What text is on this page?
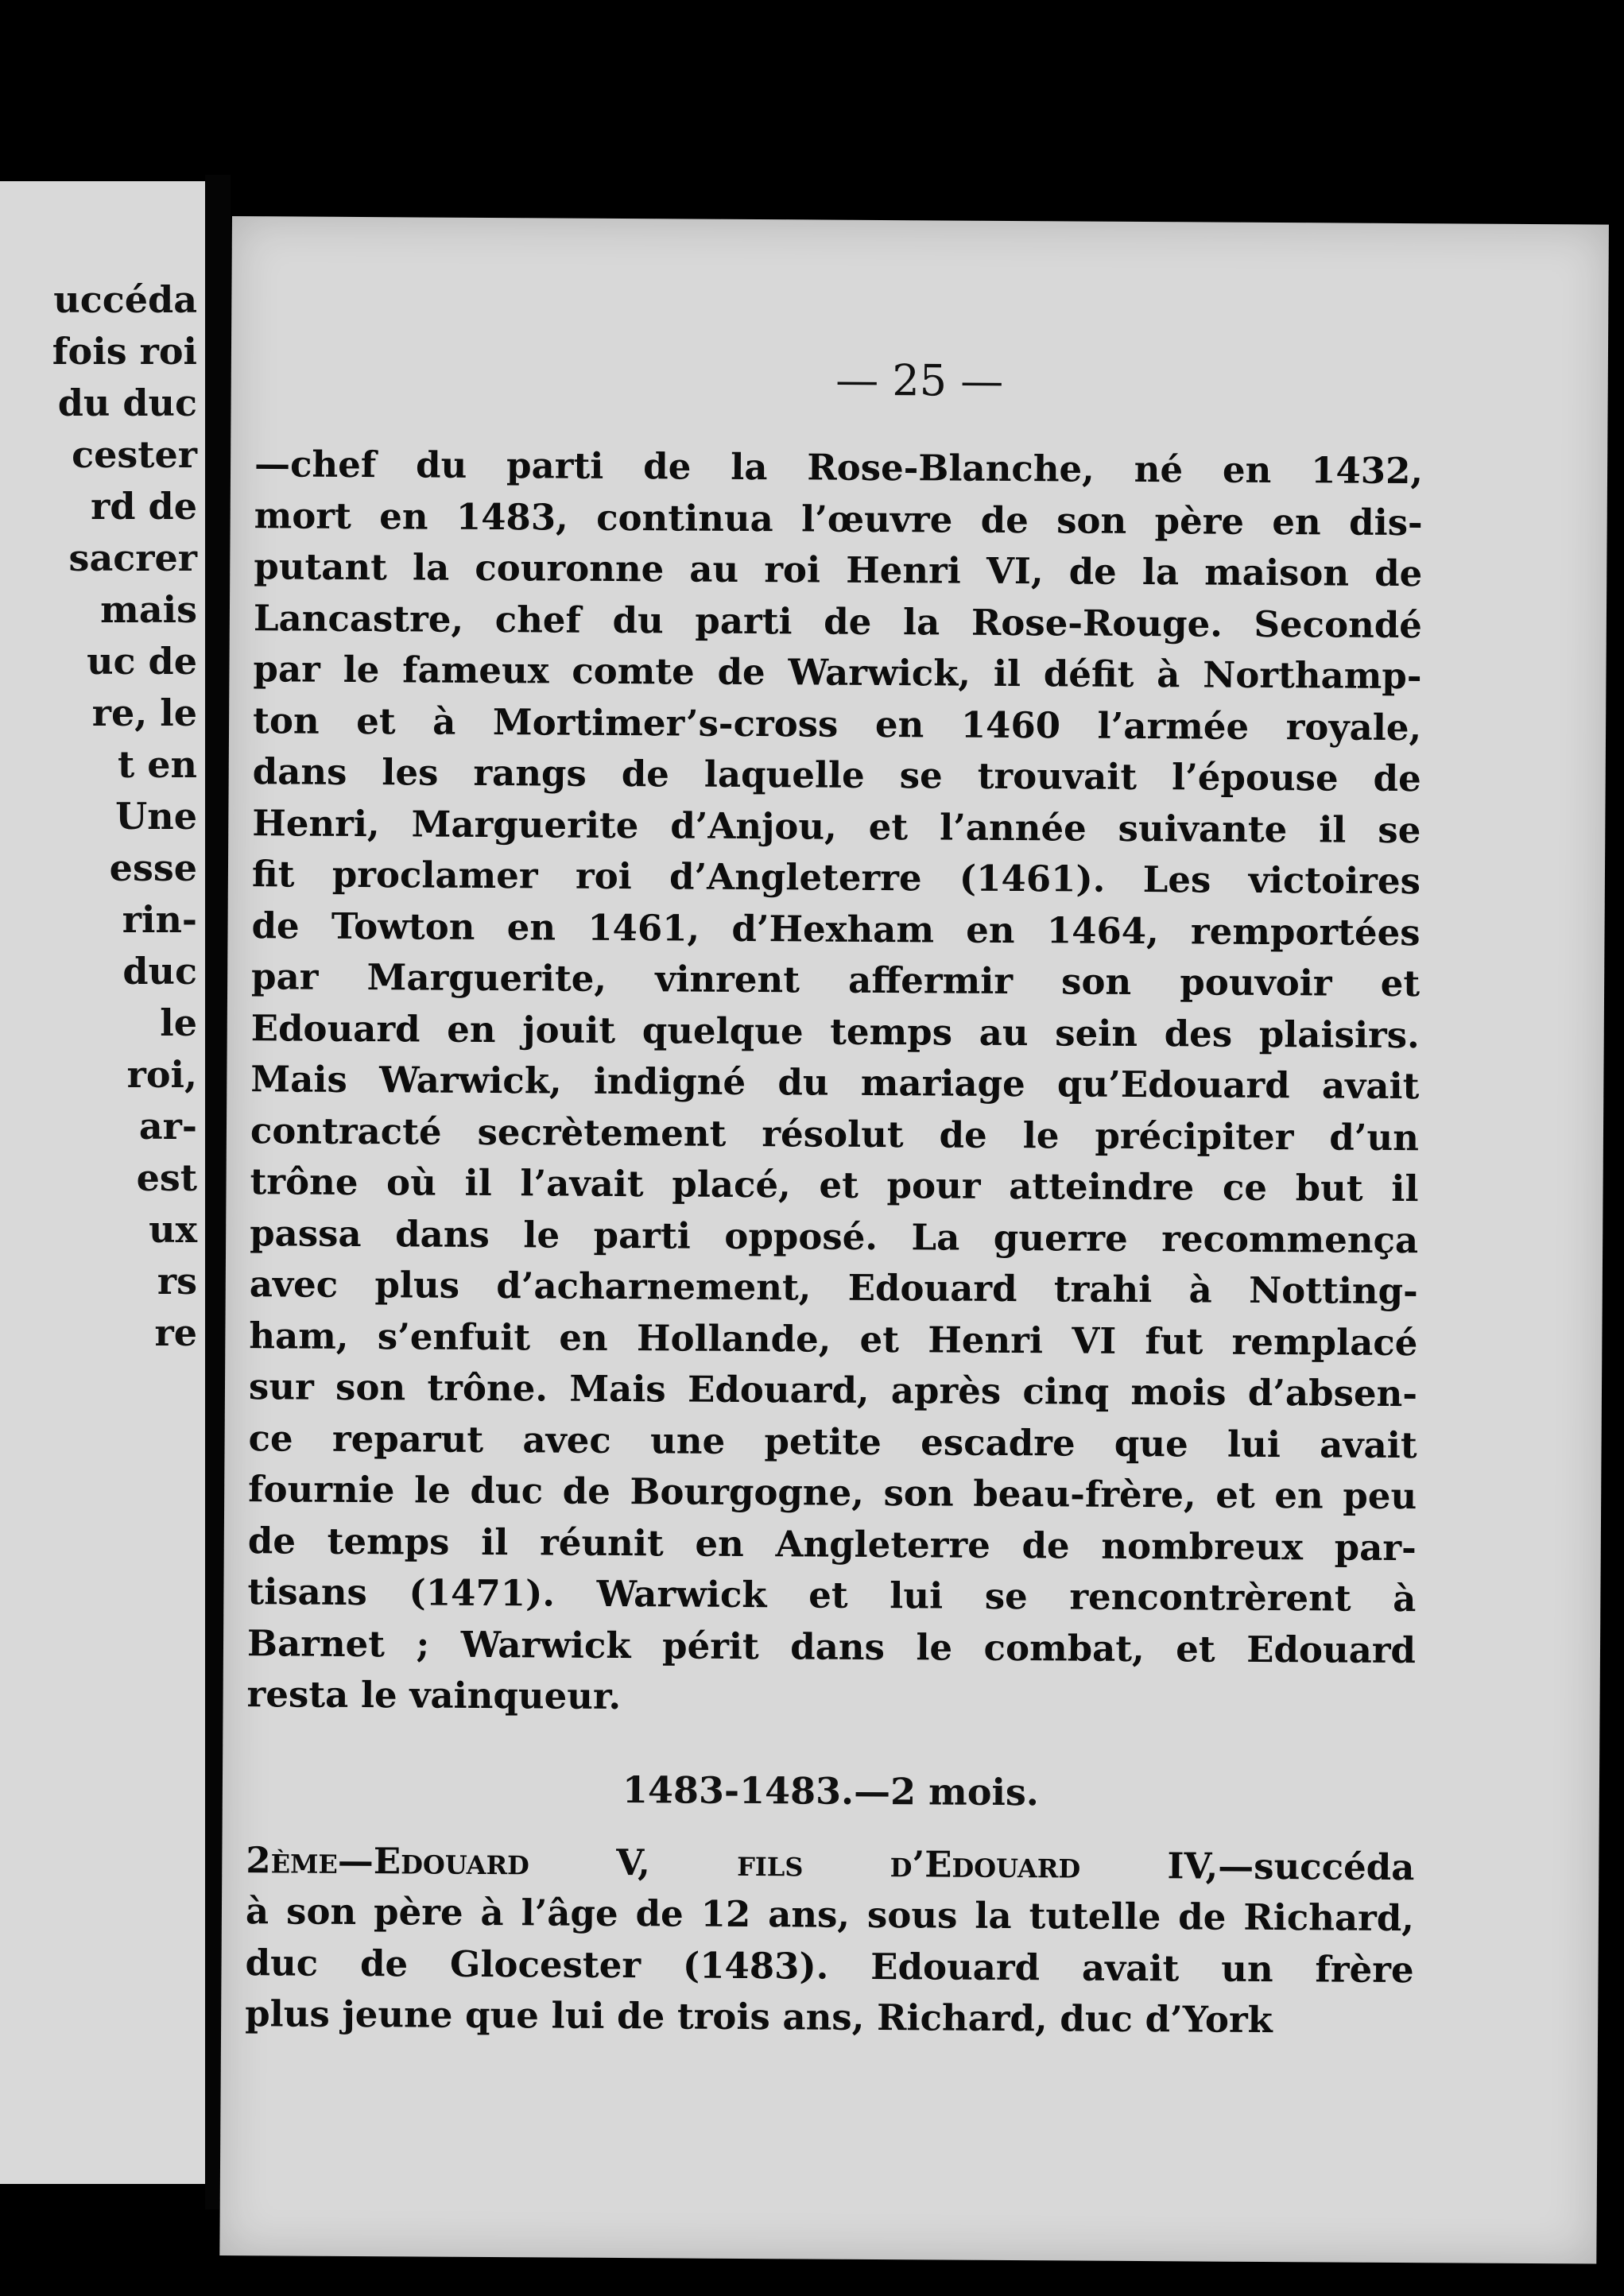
uccéda
fois roi
du duc
cester
rd de
sacrer
mais
uc de
re, le
t en
Une
esse
rin-
duc
le
roi,
ar-
est
ux
rs
re
— 25 —
—chef du parti de la Rose-Blanche, né en 1432,
mort en 1483, continua l’œuvre de son père en dis-
putant la couronne au roi Henri VI, de la maison de
Lancastre, chef du parti de la Rose-Rouge. Secondé
par le fameux comte de Warwick, il défit à Northamp-
ton et à Mortimer’s-cross en 1460 l’armée royale,
dans les rangs de laquelle se trouvait l’épouse de
Henri, Marguerite d’Anjou, et l’année suivante il se
fit proclamer roi d’Angleterre (1461). Les victoires
de Towton en 1461, d’Hexham en 1464, remportées
par Marguerite, vinrent affermir son pouvoir et
Edouard en jouit quelque temps au sein des plaisirs.
Mais Warwick, indigné du mariage qu’Edouard avait
contracté secrètement résolut de le précipiter d’un
trône où il l’avait placé, et pour atteindre ce but il
passa dans le parti opposé. La guerre recommença
avec plus d’acharnement, Edouard trahi à Notting-
ham, s’enfuit en Hollande, et Henri VI fut remplacé
sur son trône. Mais Edouard, après cinq mois d’absen-
ce reparut avec une petite escadre que lui avait
fournie le duc de Bourgogne, son beau-frère, et en peu
de temps il réunit en Angleterre de nombreux par-
tisans (1471). Warwick et lui se rencontrèrent à
Barnet ; Warwick périt dans le combat, et Edouard
resta le vainqueur.
1483-1483.—2 mois.
2ème—Edouard V, fils d’Edouard IV,—succéda
à son père à l’âge de 12 ans, sous la tutelle de Richard,
duc de Glocester (1483). Edouard avait un frère
plus jeune que lui de trois ans, Richard, duc d’York
